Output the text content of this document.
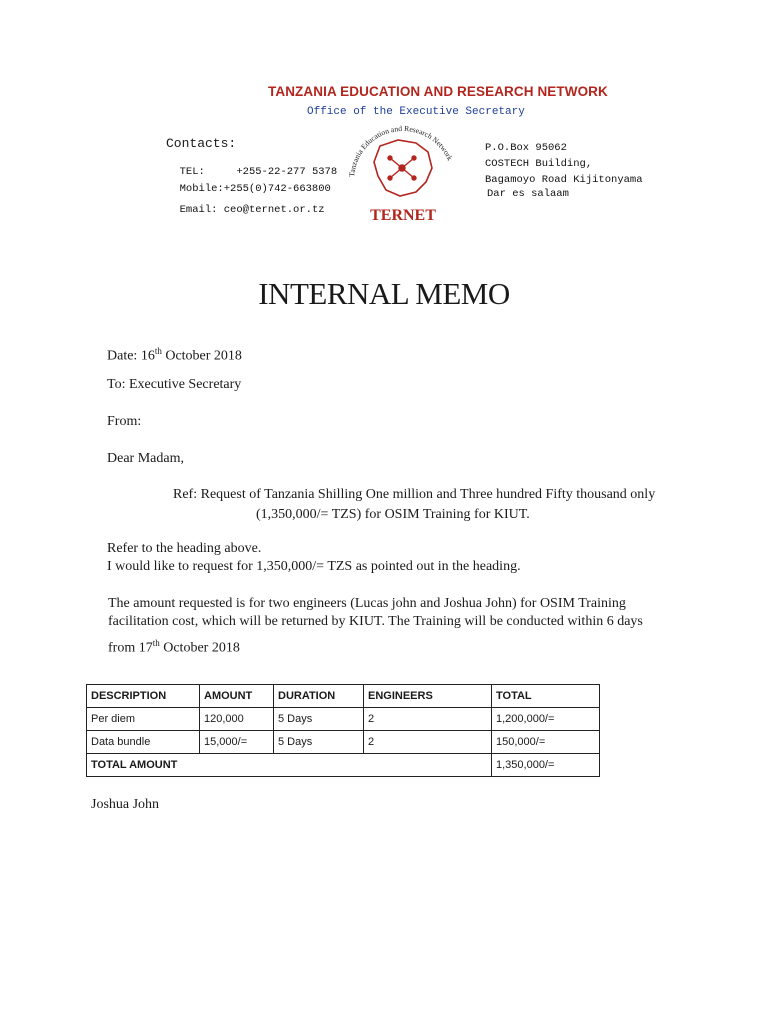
TANZANIA EDUCATION AND RESEARCH NETWORK
Office of the Executive Secretary
Contacts:

TEL:	+255-22-277 5378

Mobile:+255(0)742-663800

Email: ceo@ternet.or.tz

Tanzania Education and Research Network
TERNET
P.O.Box 95062
COSTECH Building,
Bagamoyo Road Kijitonyama
Dar es salaam
INTERNAL MEMO
Date: 16th October 2018
To: Executive Secretary
From:
Dear Madam,
Ref: Request of Tanzania Shilling One million and Three hundred Fifty thousand only
(1,350,000/= TZS) for OSIM Training for KIUT.
Refer to the heading above.
I would like to request for 1,350,000/= TZS as pointed out in the heading.
The amount requested is for two engineers (Lucas john and Joshua John) for OSIM Training
facilitation cost, which will be returned by KIUT. The Training will be conducted within 6 days
from 17th October 2018
DESCRIPTION	AMOUNT	DURATION	ENGINEERS	TOTAL
Per diem	120,000	5 Days	2	1,200,000/=
Data bundle	15,000/=	5 Days	2	150,000/=
TOTAL AMOUNT				1,350,000/=
Joshua John
